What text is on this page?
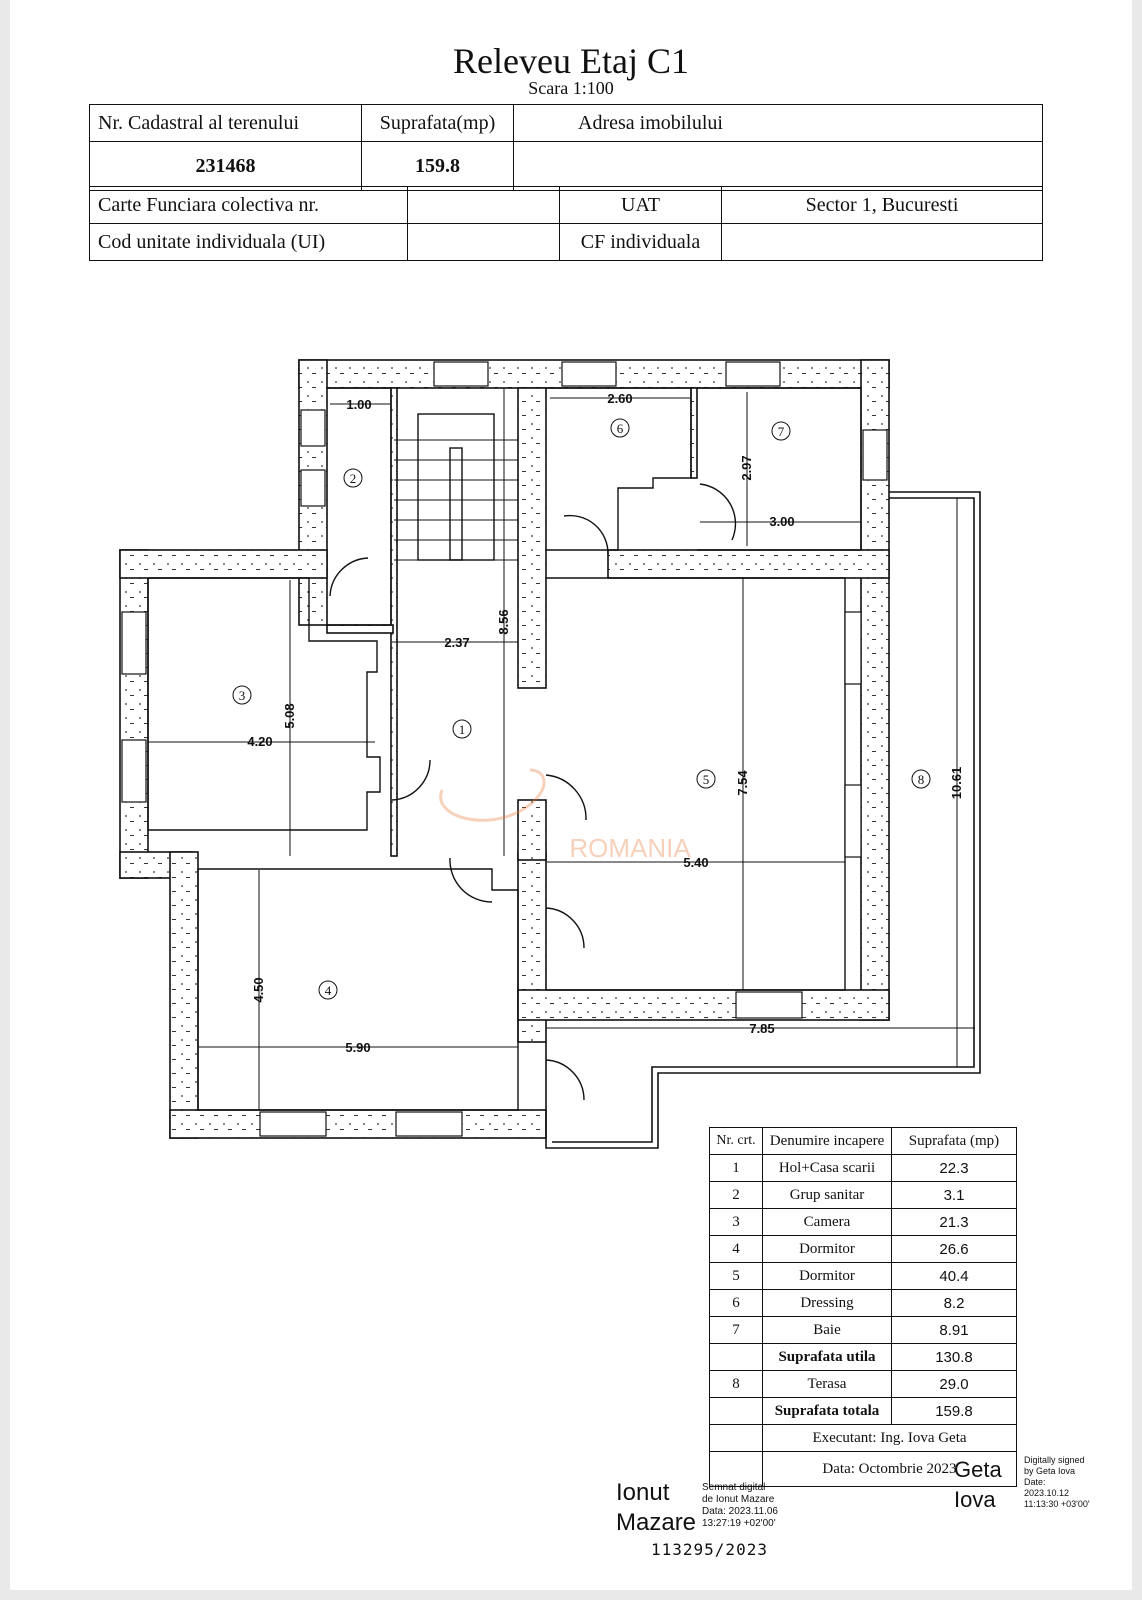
Releveu Etaj C1
Scara 1:100
Nr. Cadastral al terenului	Suprafata(mp)	Adresa imobilului
231468	159.8	
Carte Funciara colectiva nr.		UAT	Sector 1, Bucuresti
Cod unitate individuala (UI)		CF individuala	
1
2
3
4
5
6	7
8
1.00	2.60
2.97
3.00
2.37
8.56
5.08
4.20
7.54
5.40
10.61
4.50
5.90
7.85
ROMANIA
Nr. crt.	Denumire incapere	Suprafata (mp)
1	Hol+Casa scarii	22.3
2	Grup sanitar	3.1
3	Camera	21.3
4	Dormitor	26.6
5	Dormitor	40.4
6	Dressing	8.2
7	Baie	8.91
	Suprafata utila	130.8
8	Terasa	29.0
	Suprafata totala	159.8
	Executant: Ing. Iova Geta	
	Data: Octombrie 2023	
Ionut
Mazare
Semnat digital
de Ionut Mazare
Data: 2023.11.06
13:27:19 +02'00'
Geta
Iova
Digitally signed
by Geta Iova
Date:
2023.10.12
11:13:30 +03'00'
113295/2023
